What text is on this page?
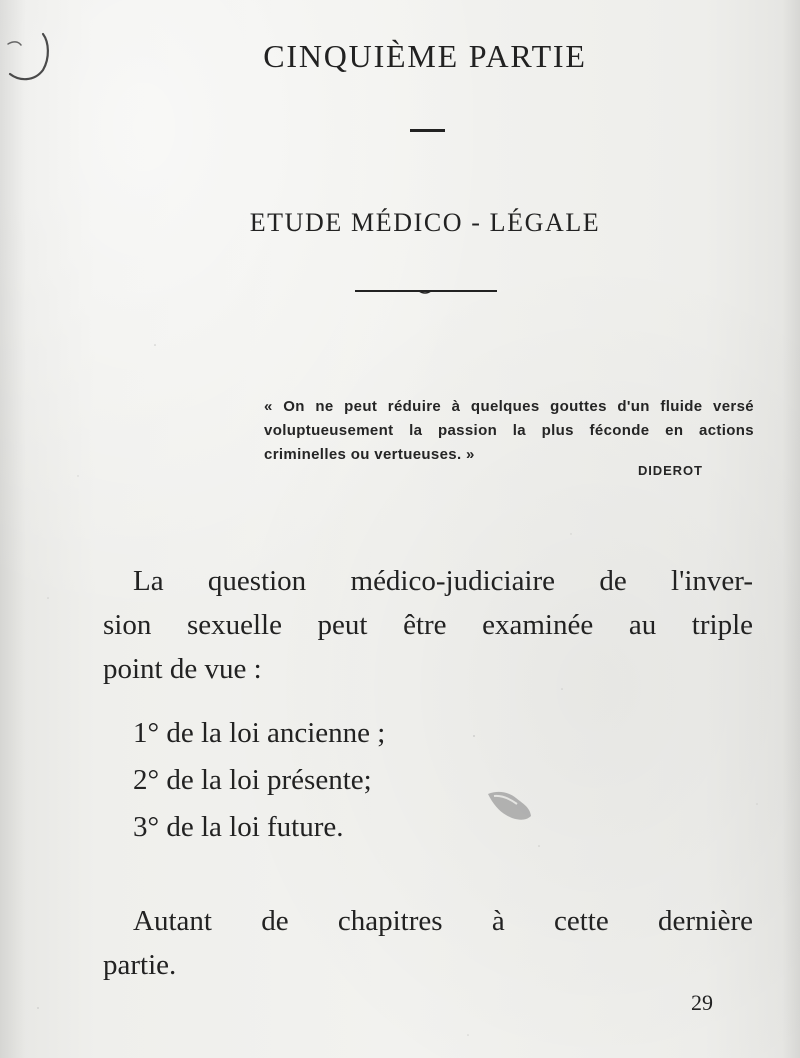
CINQUIÈME PARTIE
ETUDE MÉDICO - LÉGALE
« On ne peut réduire à quelques gouttes d'un fluide versé voluptueusement la passion la plus féconde en actions criminelles ou vertueuses. »
DIDEROT
La question médico-judiciaire de l'inver-
sion sexuelle peut être examinée au triple
point de vue :
1° de la loi ancienne ;
2° de la loi présente;
3° de la loi future.
Autant de chapitres à cette dernière
partie.
29
